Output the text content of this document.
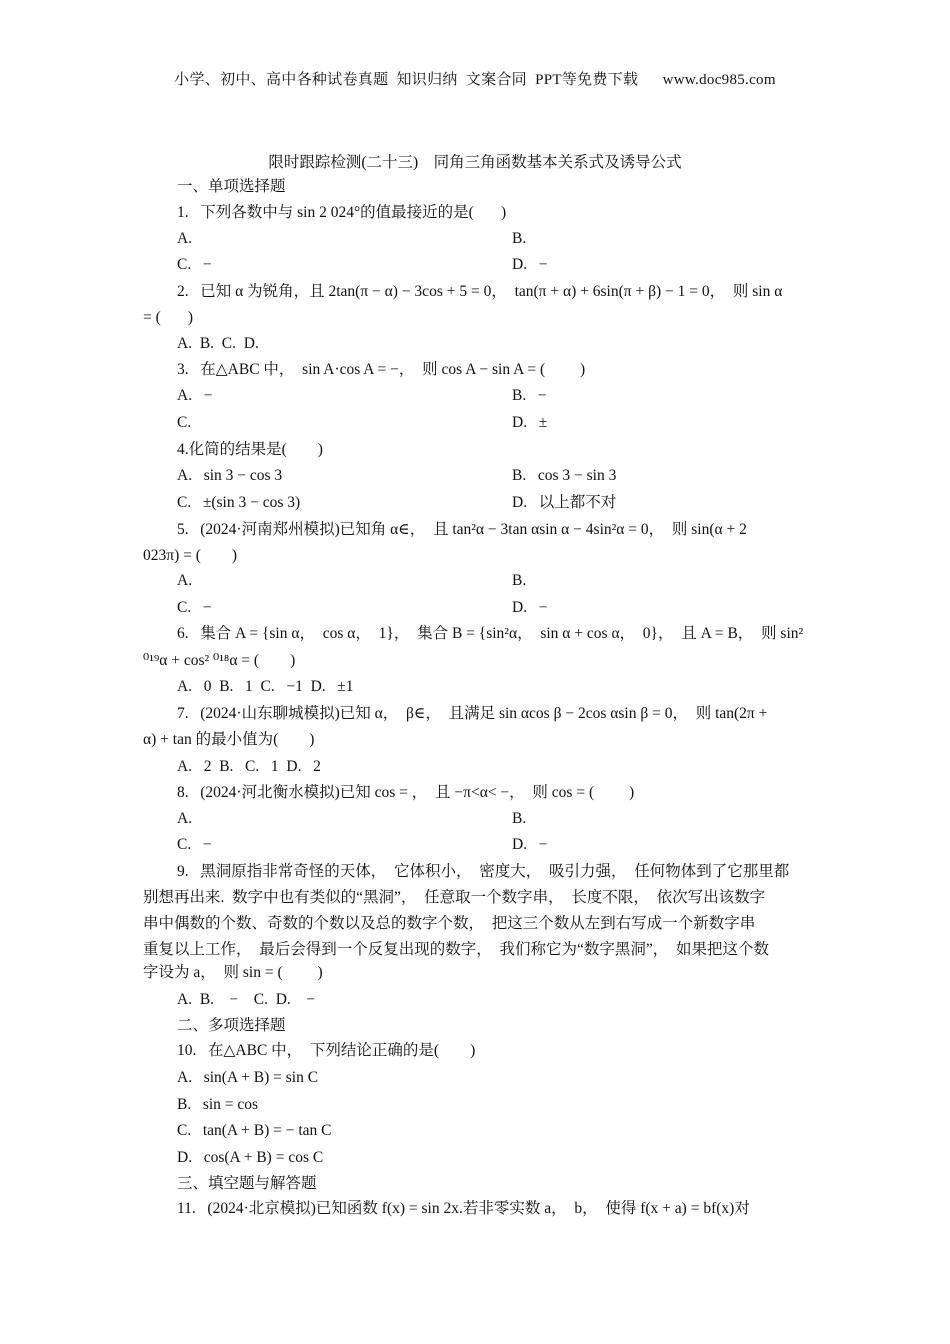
小学、初中、高中各种试卷真题  知识归纳  文案合同  PPT等免费下载      www.doc985.com
限时跟踪检测(二十三)    同角三角函数基本关系式及诱导公式
一、单项选择题
1.   下列各数中与 sin 2 024°的值最接近的是(       )
A.	B.
C.   −	D.   −
2.   已知 α 为锐角，且 2tan(π − α) − 3cos + 5 = 0，  tan(π + α) + 6sin(π + β) − 1 = 0，  则 sin α
= (       )
A.  B.  C.  D.
3.   在△ABC 中，  sin A·cos A = −，  则 cos A − sin A = (         )
A.   −	B.   −
C.	D.   ±
4.化简的结果是(        )
A.   sin 3 − cos 3	B.   cos 3 − sin 3
C.   ±(sin 3 − cos 3)	D.   以上都不对
5.   (2024·河南郑州模拟)已知角 α∈，  且 tan²α − 3tan αsin α − 4sin²α = 0，  则 sin(α + 2
023π) = (        )
A.	B.
C.   −	D.   −
6.   集合 A = {sin α，  cos α，  1}，  集合 B = {sin²α，  sin α + cos α，  0}，  且 A = B，  则 sin²
⁰¹⁹α + cos² ⁰¹⁸α = (        )
A.   0  B.   1  C.   −1  D.   ±1
7.   (2024·山东聊城模拟)已知 α，  β∈，  且满足 sin αcos β − 2cos αsin β = 0，  则 tan(2π +
α) + tan 的最小值为(        )
A.   2  B.   C.   1  D.   2
8.   (2024·河北衡水模拟)已知 cos = ，  且 −π<α< −，  则 cos = (         )
A.	B.
C.   −	D.   −
9.   黑洞原指非常奇怪的天体，  它体积小，  密度大，  吸引力强，  任何物体到了它那里都
别想再出来.  数字中也有类似的“黑洞”，  任意取一个数字串，  长度不限，  依次写出该数字
串中偶数的个数、奇数的个数以及总的数字个数，  把这三个数从左到右写成一个新数字串
重复以上工作，  最后会得到一个反复出现的数字，  我们称它为“数字黑洞”，  如果把这个数
字设为 a，  则 sin = (         )
A.  B.    −    C.  D.    −
二、多项选择题
10.   在△ABC 中，  下列结论正确的是(        )
A.   sin(A + B) = sin C
B.   sin = cos
C.   tan(A + B) = − tan C
D.   cos(A + B) = cos C
三、填空题与解答题
11.   (2024·北京模拟)已知函数 f(x) = sin 2x.若非零实数 a，  b，  使得 f(x + a) = bf(x)对
